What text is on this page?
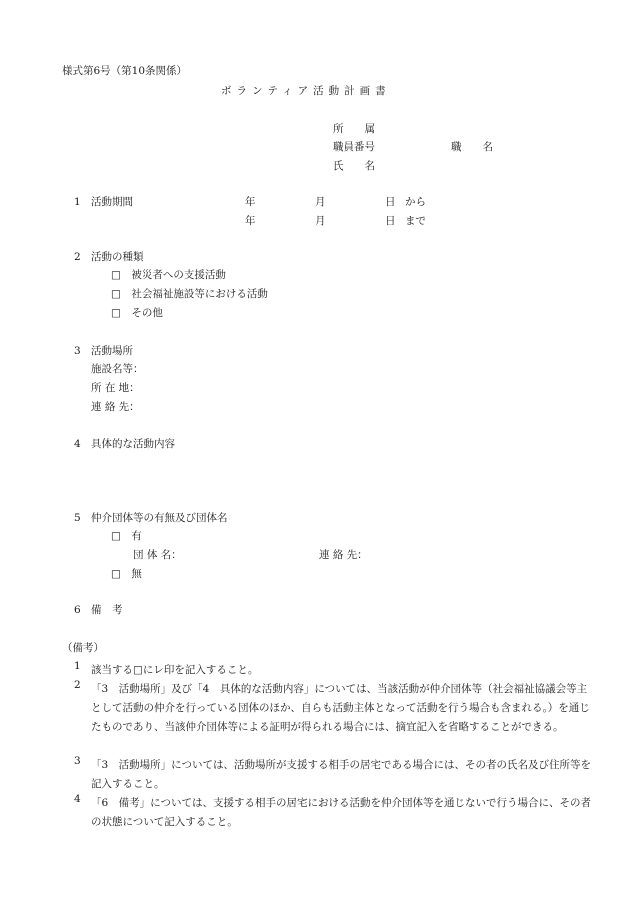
様式第6号（第10条関係）
ボランティア活動計画書
所　　属
職員番号	職　　名
氏　　名
1 活動期間	年	月	日 から
年	月	日 まで
2 活動の種類
□　被災者への支援活動
□　社会福祉施設等における活動
□　その他
3 活動場所
施設名等：
所 在 地：
連 絡 先：
4 具体的な活動内容
5 仲介団体等の有無及び団体名
□　有
団 体 名：	連 絡 先：
□　無
6 備　考
（備考）
1 該当する□にレ印を記入すること。
2 「3　活動場所」及び「4　具体的な活動内容」については、当該活動が仲介団体等（社会福祉協議会等主として活動の仲介を行っている団体のほか、自らも活動主体となって活動を行う場合も含まれる。）を通じたものであり、当該仲介団体等による証明が得られる場合には、摘宜記入を省略することができる。
3 「3　活動場所」については、活動場所が支援する相手の居宅である場合には、その者の氏名及び住所等を記入すること。
4 「6　備考」については、支援する相手の居宅における活動を仲介団体等を通じないで行う場合に、その者の状態について記入すること。
